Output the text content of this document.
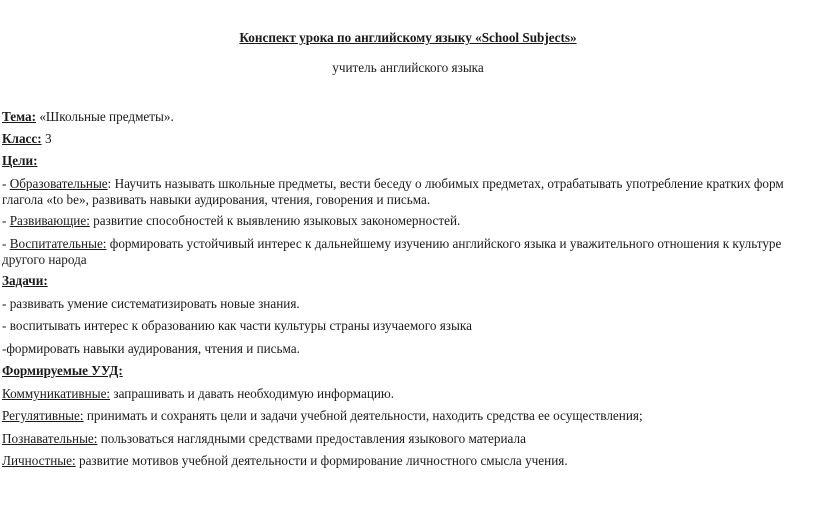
Конспект урока по английскому языку «School Subjects»
учитель английского языка
Тема: «Школьные предметы».
Класс: 3
Цели:
- Образовательные: Научить называть школьные предметы, вести беседу о любимых предметах, отрабатывать употребление кратких форм
глагола «to be», развивать навыки аудирования, чтения, говорения и письма.
- Развивающие: развитие способностей к выявлению языковых закономерностей.
- Воспитательные: формировать устойчивый интерес к дальнейшему изучению английского языка и уважительного отношения к культуре
другого народа
Задачи:
- развивать умение систематизировать новые знания.
- воспитывать интерес к образованию как части культуры страны изучаемого языка
-формировать навыки аудирования, чтения и письма.
Формируемые УУД:
Коммуникативные: запрашивать и давать необходимую информацию.
Регулятивные: принимать и сохранять цели и задачи учебной деятельности, находить средства ее осуществления;
Познавательные: пользоваться наглядными средствами предоставления языкового материала
Личностные: развитие мотивов учебной деятельности и формирование личностного смысла учения.
